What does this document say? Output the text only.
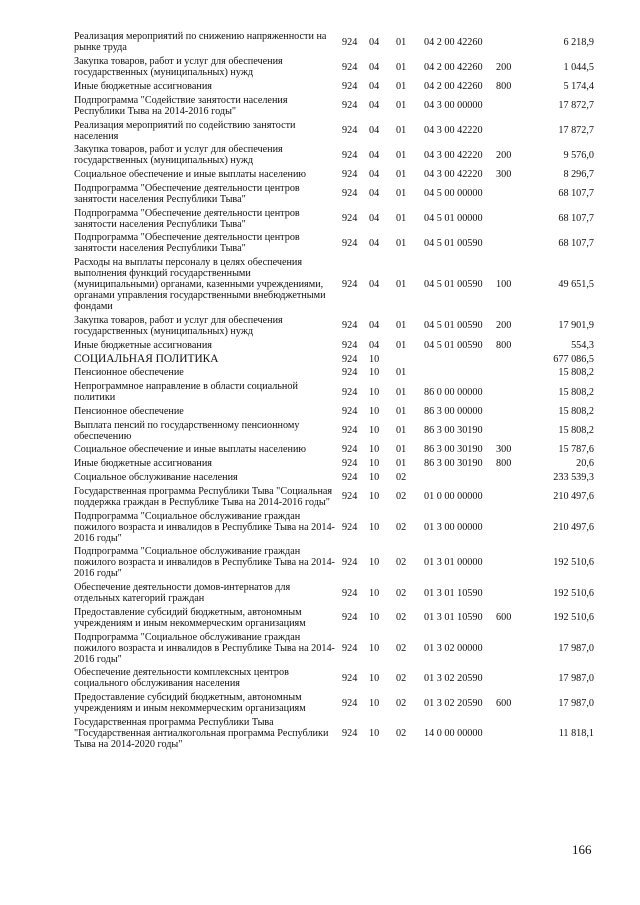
Реализация мероприятий по снижению напряженности на рынке труда	924	04	01	04 2 00 42260		6 218,9
Закупка товаров, работ и услуг для обеспечения государственных (муниципальных) нужд	924	04	01	04 2 00 42260	200	1 044,5
Иные бюджетные ассигнования	924	04	01	04 2 00 42260	800	5 174,4
Подпрограмма "Содействие занятости населения Республики Тыва на 2014-2016 годы"	924	04	01	04 3 00 00000		17 872,7
Реализация мероприятий по содействию занятости населения	924	04	01	04 3 00 42220		17 872,7
Закупка товаров, работ и услуг для обеспечения государственных (муниципальных) нужд	924	04	01	04 3 00 42220	200	9 576,0
Социальное обеспечение и иные выплаты населению	924	04	01	04 3 00 42220	300	8 296,7
Подпрограмма "Обеспечение деятельности центров занятости населения Республики Тыва"	924	04	01	04 5 00 00000		68 107,7
Подпрограмма "Обеспечение деятельности центров занятости населения Республики Тыва"	924	04	01	04 5 01 00000		68 107,7
Подпрограмма "Обеспечение деятельности центров занятости населения Республики Тыва"	924	04	01	04 5 01 00590		68 107,7
Расходы на выплаты персоналу в целях обеспечения выполнения функций государственными (муниципальными) органами, казенными учреждениями, органами управления государственными внебюджетными фондами	924	04	01	04 5 01 00590	100	49 651,5
Закупка товаров, работ и услуг для обеспечения государственных (муниципальных) нужд	924	04	01	04 5 01 00590	200	17 901,9
Иные бюджетные ассигнования	924	04	01	04 5 01 00590	800	554,3
СОЦИАЛЬНАЯ ПОЛИТИКА	924	10				677 086,5
Пенсионное обеспечение	924	10	01			15 808,2
Непрограммное направление в области социальной политики	924	10	01	86 0 00 00000		15 808,2
Пенсионное обеспечение	924	10	01	86 3 00 00000		15 808,2
Выплата пенсий по государственному пенсионному обеспечению	924	10	01	86 3 00 30190		15 808,2
Социальное обеспечение и иные выплаты населению	924	10	01	86 3 00 30190	300	15 787,6
Иные бюджетные ассигнования	924	10	01	86 3 00 30190	800	20,6
Социальное обслуживание населения	924	10	02			233 539,3
Государственная программа Республики Тыва "Социальная поддержка граждан в Республике Тыва на 2014-2016 годы"	924	10	02	01 0 00 00000		210 497,6
Подпрограмма "Социальное обслуживание граждан пожилого возраста и инвалидов в Республике Тыва на 2014-2016 годы"	924	10	02	01 3 00 00000		210 497,6
Подпрограмма "Социальное обслуживание граждан пожилого возраста и инвалидов в Республике Тыва на 2014-2016 годы"	924	10	02	01 3 01 00000		192 510,6
Обеспечение деятельности домов-интернатов для отдельных категорий граждан	924	10	02	01 3 01 10590		192 510,6
Предоставление субсидий бюджетным, автономным учреждениям и иным некоммерческим организациям	924	10	02	01 3 01 10590	600	192 510,6
Подпрограмма "Социальное обслуживание граждан пожилого возраста и инвалидов в Республике Тыва на 2014-2016 годы"	924	10	02	01 3 02 00000		17 987,0
Обеспечение деятельности комплексных центров социального обслуживания населения	924	10	02	01 3 02 20590		17 987,0
Предоставление субсидий бюджетным, автономным учреждениям и иным некоммерческим организациям	924	10	02	01 3 02 20590	600	17 987,0
Государственная программа Республики Тыва "Государственная антиалкогольная программа Республики Тыва на 2014-2020 годы"	924	10	02	14 0 00 00000		11 818,1
166
